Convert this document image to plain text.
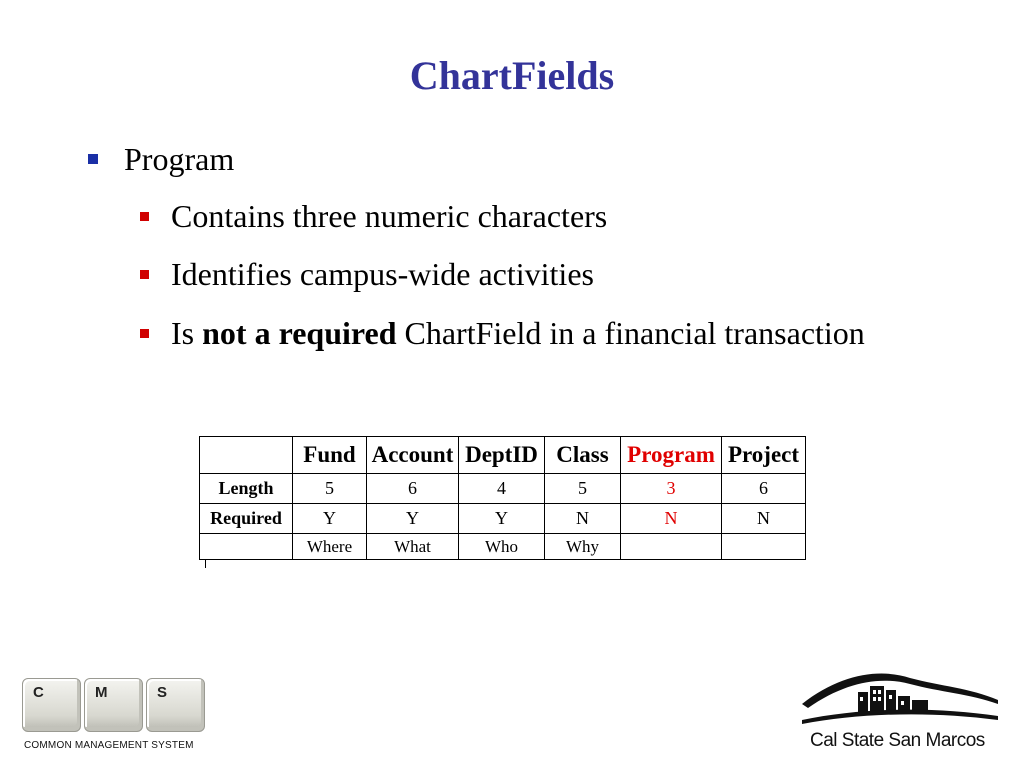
ChartFields
Program
Contains three numeric characters
Identifies campus-wide activities
Is not a required ChartField in a financial transaction
	Fund	Account	DeptID	Class	Program	Project
Length	5	6	4	5	3	6
Required	Y	Y	Y	N	N	N
	Where	What	Who	Why		
C	M	S
COMMON MANAGEMENT SYSTEM	Cal State San Marcos
